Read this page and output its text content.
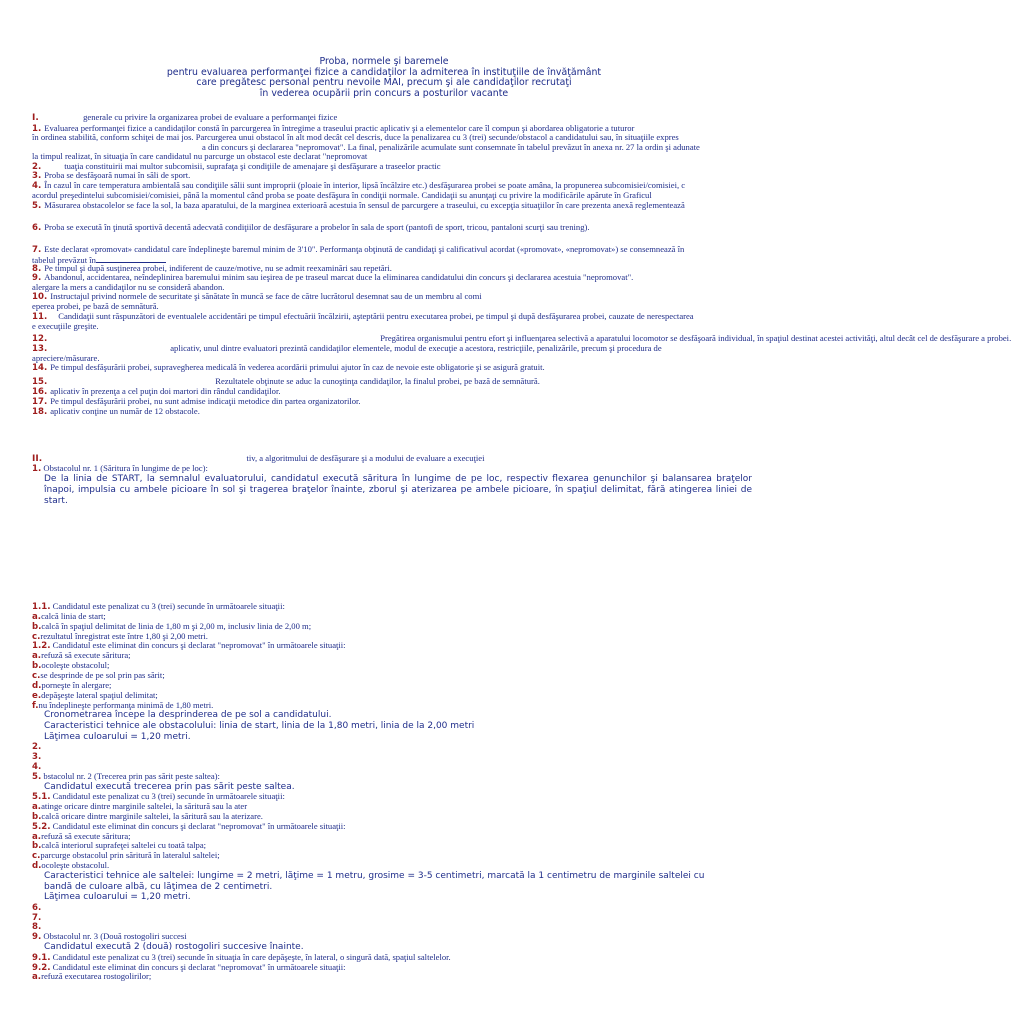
Proba, normele şi baremele
pentru evaluarea performanţei fizice a candidaţilor la admiterea în instituţiile de învăţământ
care pregătesc personal pentru nevoile MAI, precum şi ale candidaţilor recrutaţi
în vederea ocupării prin concurs a posturilor vacante
I.	generale cu privire la organizarea probei de evaluare a performanţei fizice
1. Evaluarea performanţei fizice a candidaţilor constă în parcurgerea în întregime a traseului practic aplicativ şi a elementelor care îl compun şi abordarea obligatorie a tuturor
în ordinea stabilită, conform schiţei de mai jos. Parcurgerea unui obstacol în alt mod decât cel descris, duce la penalizarea cu 3 (trei) secunde/obstacol a candidatului sau, în situaţiile expres
a din concurs şi declararea "nepromovat". La final, penalizările acumulate sunt consemnate în tabelul prevăzut în anexa nr. 27 la ordin şi adunate
la timpul realizat, în situaţia în care candidatul nu parcurge un obstacol este declarat "nepromovat
2. tuaţia constituirii mai multor subcomisii, suprafaţa şi condiţiile de amenajare şi desfăşurare a traseelor practic
3. Proba se desfăşoară numai în săli de sport.
4. În cazul în care temperatura ambientală sau condiţiile sălii sunt improprii (ploaie în interior, lipsă încălzire etc.) desfăşurarea probei se poate amâna, la propunerea subcomisiei/comisiei, c
acordul preşedintelui subcomisiei/comisiei, până la momentul când proba se poate desfăşura în condiţii normale. Candidaţii su anunţaţi cu privire la modificările apărute în Graficul
5. Măsurarea obstacolelor se face la sol, la baza aparatului, de la marginea exterioară acestuia în sensul de parcurgere a traseului, cu excepţia situaţiilor în care prezenta anexă reglementează
6. Proba se execută în ţinută sportivă decentă adecvată condiţiilor de desfăşurare a probelor în sala de sport (pantofi de sport, tricou, pantaloni scurţi sau trening).
7. Este declarat «promovat» candidatul care îndeplineşte baremul minim de 3'10". Performanţa obţinută de candidaţi şi calificativul acordat («promovat», «nepromovat») se consemnează în
tabelul prevăzut în
8. Pe timpul şi după susţinerea probei, indiferent de cauze/motive, nu se admit reexaminări sau repetări.
9. Abandonul, accidentarea, neîndeplinirea baremului minim sau ieşirea de pe traseul marcat duce la eliminarea candidatului din concurs şi declararea acestuia "nepromovat".
alergare la mers a candidaţilor nu se consideră abandon.
10. Instructajul privind normele de securitate şi sănătate în muncă se face de către lucrătorul desemnat sau de un membru al comi
eperea probei, pe bază de semnătură.
11. Candidaţii sunt răspunzători de eventualele accidentări pe timpul efectuării încălzirii, aşteptării pentru executarea probei, pe timpul şi după desfăşurarea probei, cauzate de nerespectarea
e execuţiile greşite.
12.	Pregătirea organismului pentru efort şi influenţarea selectivă a aparatului locomotor se desfăşoară individual, în spaţiul destinat acestei activităţi, altul decât cel de desfăşurare a probei.
13.	aplicativ, unul dintre evaluatori prezintă candidaţilor elementele, modul de execuţie a acestora, restricţiile, penalizările, precum şi procedura de
apreciere/măsurare.
14. Pe timpul desfăşurării probei, supravegherea medicală în vederea acordării primului ajutor în caz de nevoie este obligatorie şi se asigură gratuit.
15.	Rezultatele obţinute se aduc la cunoştinţa candidaţilor, la finalul probei, pe bază de semnătură.
16. aplicativ în prezenţa a cel puţin doi martori din rândul candidaţilor.
17. Pe timpul desfăşurării probei, nu sunt admise indicaţii metodice din partea organizatorilor.
18. aplicativ conţine un număr de 12 obstacole.
II.	tiv, a algoritmului de desfăşurare şi a modului de evaluare a execuţiei
1. Obstacolul nr. 1 (Săritura în lungime de pe loc):
De la linia de START, la semnalul evaluatorului, candidatul execută săritura în lungime de pe loc, respectiv flexarea genunchilor şi balansarea braţelor înapoi, impulsia cu ambele picioare în sol şi tragerea braţelor înainte, zborul şi aterizarea pe ambele picioare, în spaţiul delimitat, fără atingerea liniei de start.
1.1. Candidatul este penalizat cu 3 (trei) secunde în următoarele situaţii:
a.calcă linia de start;
b.calcă în spaţiul delimitat de linia de 1,80 m şi 2,00 m, inclusiv linia de 2,00 m;
c.rezultatul înregistrat este între 1,80 şi 2,00 metri.
1.2. Candidatul este eliminat din concurs şi declarat "nepromovat" în următoarele situaţii:
a.refuză să execute săritura;
b.ocoleşte obstacolul;
c.se desprinde de pe sol prin pas sărit;
d.porneşte în alergare;
e.depăşeşte lateral spaţiul delimitat;
f.nu îndeplineşte performanţa minimă de 1,80 metri.
Cronometrarea începe la desprinderea de pe sol a candidatului.
Caracteristici tehnice ale obstacolului: linia de start, linia de la 1,80 metri, linia de la 2,00 metri
Lăţimea culoarului = 1,20 metri.
2.
3.
4.
5. bstacolul nr. 2 (Trecerea prin pas sărit peste saltea):
Candidatul execută trecerea prin pas sărit peste saltea.
5.1. Candidatul este penalizat cu 3 (trei) secunde în următoarele situaţii:
a.atinge oricare dintre marginile saltelei, la săritură sau la ater
b.calcă oricare dintre marginile saltelei, la săritură sau la aterizare.
5.2. Candidatul este eliminat din concurs şi declarat "nepromovat" în următoarele situaţii:
a.refuză să execute săritura;
b.calcă interiorul suprafeţei saltelei cu toată talpa;
c.parcurge obstacolul prin săritură în lateralul saltelei;
d.ocoleşte obstacolul.
Caracteristici tehnice ale saltelei: lungime = 2 metri, lăţime = 1 metru, grosime = 3-5 centimetri, marcată la 1 centimetru de marginile saltelei cu
bandă de culoare albă, cu lăţimea de 2 centimetri.
Lăţimea culoarului = 1,20 metri.
6.
7.
8.
9. Obstacolul nr. 3 (Două rostogoliri succesi
Candidatul execută 2 (două) rostogoliri succesive înainte.
9.1. Candidatul este penalizat cu 3 (trei) secunde în situaţia în care depăşeşte, în lateral, o singură dată, spaţiul saltelelor.
9.2. Candidatul este eliminat din concurs şi declarat "nepromovat" în următoarele situaţii:
a.refuză executarea rostogolirilor;
